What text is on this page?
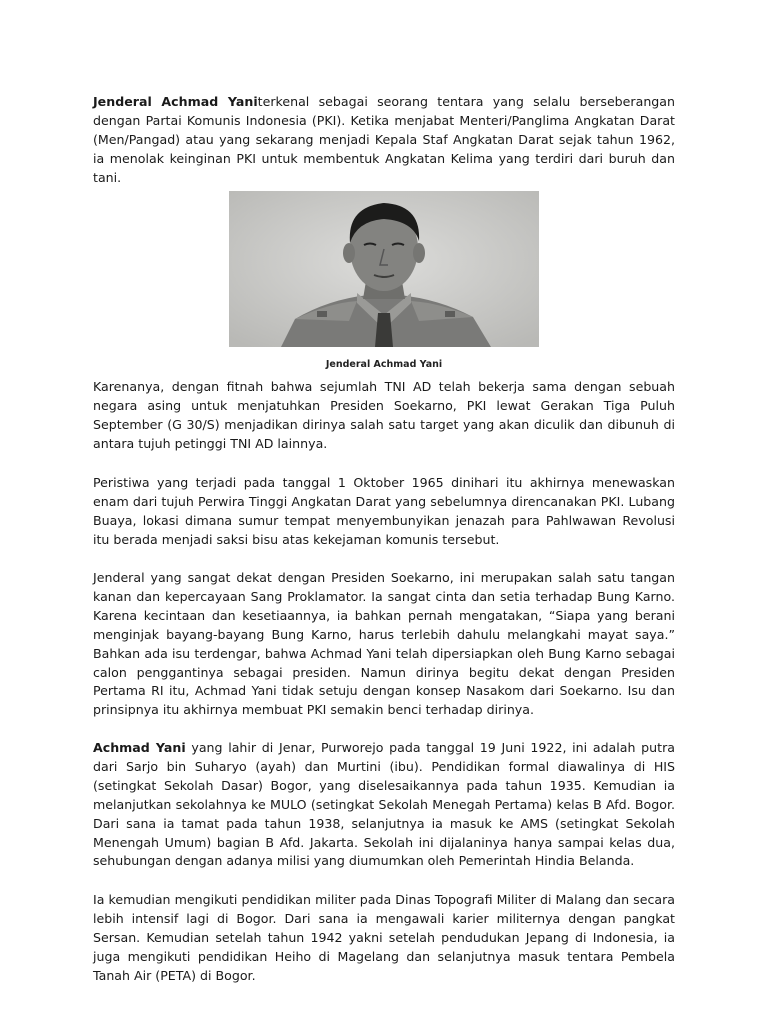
Jenderal Achmad Yaniterkenal sebagai seorang tentara yang selalu berseberangan dengan Partai Komunis Indonesia (PKI). Ketika menjabat Menteri/Panglima Angkatan Darat (Men/Pangad) atau yang sekarang menjadi Kepala Staf Angkatan Darat sejak tahun 1962, ia menolak keinginan PKI untuk membentuk Angkatan Kelima yang terdiri dari buruh dan tani.

Jenderal Achmad Yani

Karenanya, dengan fitnah bahwa sejumlah TNI AD telah bekerja sama dengan sebuah negara asing untuk menjatuhkan Presiden Soekarno, PKI lewat Gerakan Tiga Puluh September (G 30/S) menjadikan dirinya salah satu target yang akan diculik dan dibunuh di antara tujuh petinggi TNI AD lainnya.

Peristiwa yang terjadi pada tanggal 1 Oktober 1965 dinihari itu akhirnya menewaskan enam dari tujuh Perwira Tinggi Angkatan Darat yang sebelumnya direncanakan PKI. Lubang Buaya, lokasi dimana sumur tempat menyembunyikan jenazah para Pahlwawan Revolusi itu berada menjadi saksi bisu atas kekejaman komunis tersebut.

Jenderal yang sangat dekat dengan Presiden Soekarno, ini merupakan salah satu tangan kanan dan kepercayaan Sang Proklamator. Ia sangat cinta dan setia terhadap Bung Karno. Karena kecintaan dan kesetiaannya, ia bahkan pernah mengatakan, “Siapa yang berani menginjak bayang-bayang Bung Karno, harus terlebih dahulu melangkahi mayat saya.” Bahkan ada isu terdengar, bahwa Achmad Yani telah dipersiapkan oleh Bung Karno sebagai calon penggantinya sebagai presiden. Namun dirinya begitu dekat dengan Presiden Pertama RI itu, Achmad Yani tidak setuju dengan konsep Nasakom dari Soekarno. Isu dan prinsipnya itu akhirnya membuat PKI semakin benci terhadap dirinya.

Achmad Yani yang lahir di Jenar, Purworejo pada tanggal 19 Juni 1922, ini adalah putra dari Sarjo bin Suharyo (ayah) dan Murtini (ibu). Pendidikan formal diawalinya di HIS (setingkat Sekolah Dasar) Bogor, yang diselesaikannya pada tahun 1935. Kemudian ia melanjutkan sekolahnya ke MULO (setingkat Sekolah Menegah Pertama) kelas B Afd. Bogor. Dari sana ia tamat pada tahun 1938, selanjutnya ia masuk ke AMS (setingkat Sekolah Menengah Umum) bagian B Afd. Jakarta. Sekolah ini dijalaninya hanya sampai kelas dua, sehubungan dengan adanya milisi yang diumumkan oleh Pemerintah Hindia Belanda.

Ia kemudian mengikuti pendidikan militer pada Dinas Topografi Militer di Malang dan secara lebih intensif lagi di Bogor. Dari sana ia mengawali karier militernya dengan pangkat Sersan. Kemudian setelah tahun 1942 yakni setelah pendudukan Jepang di Indonesia, ia juga mengikuti pendidikan Heiho di Magelang dan selanjutnya masuk tentara Pembela Tanah Air (PETA) di Bogor.
